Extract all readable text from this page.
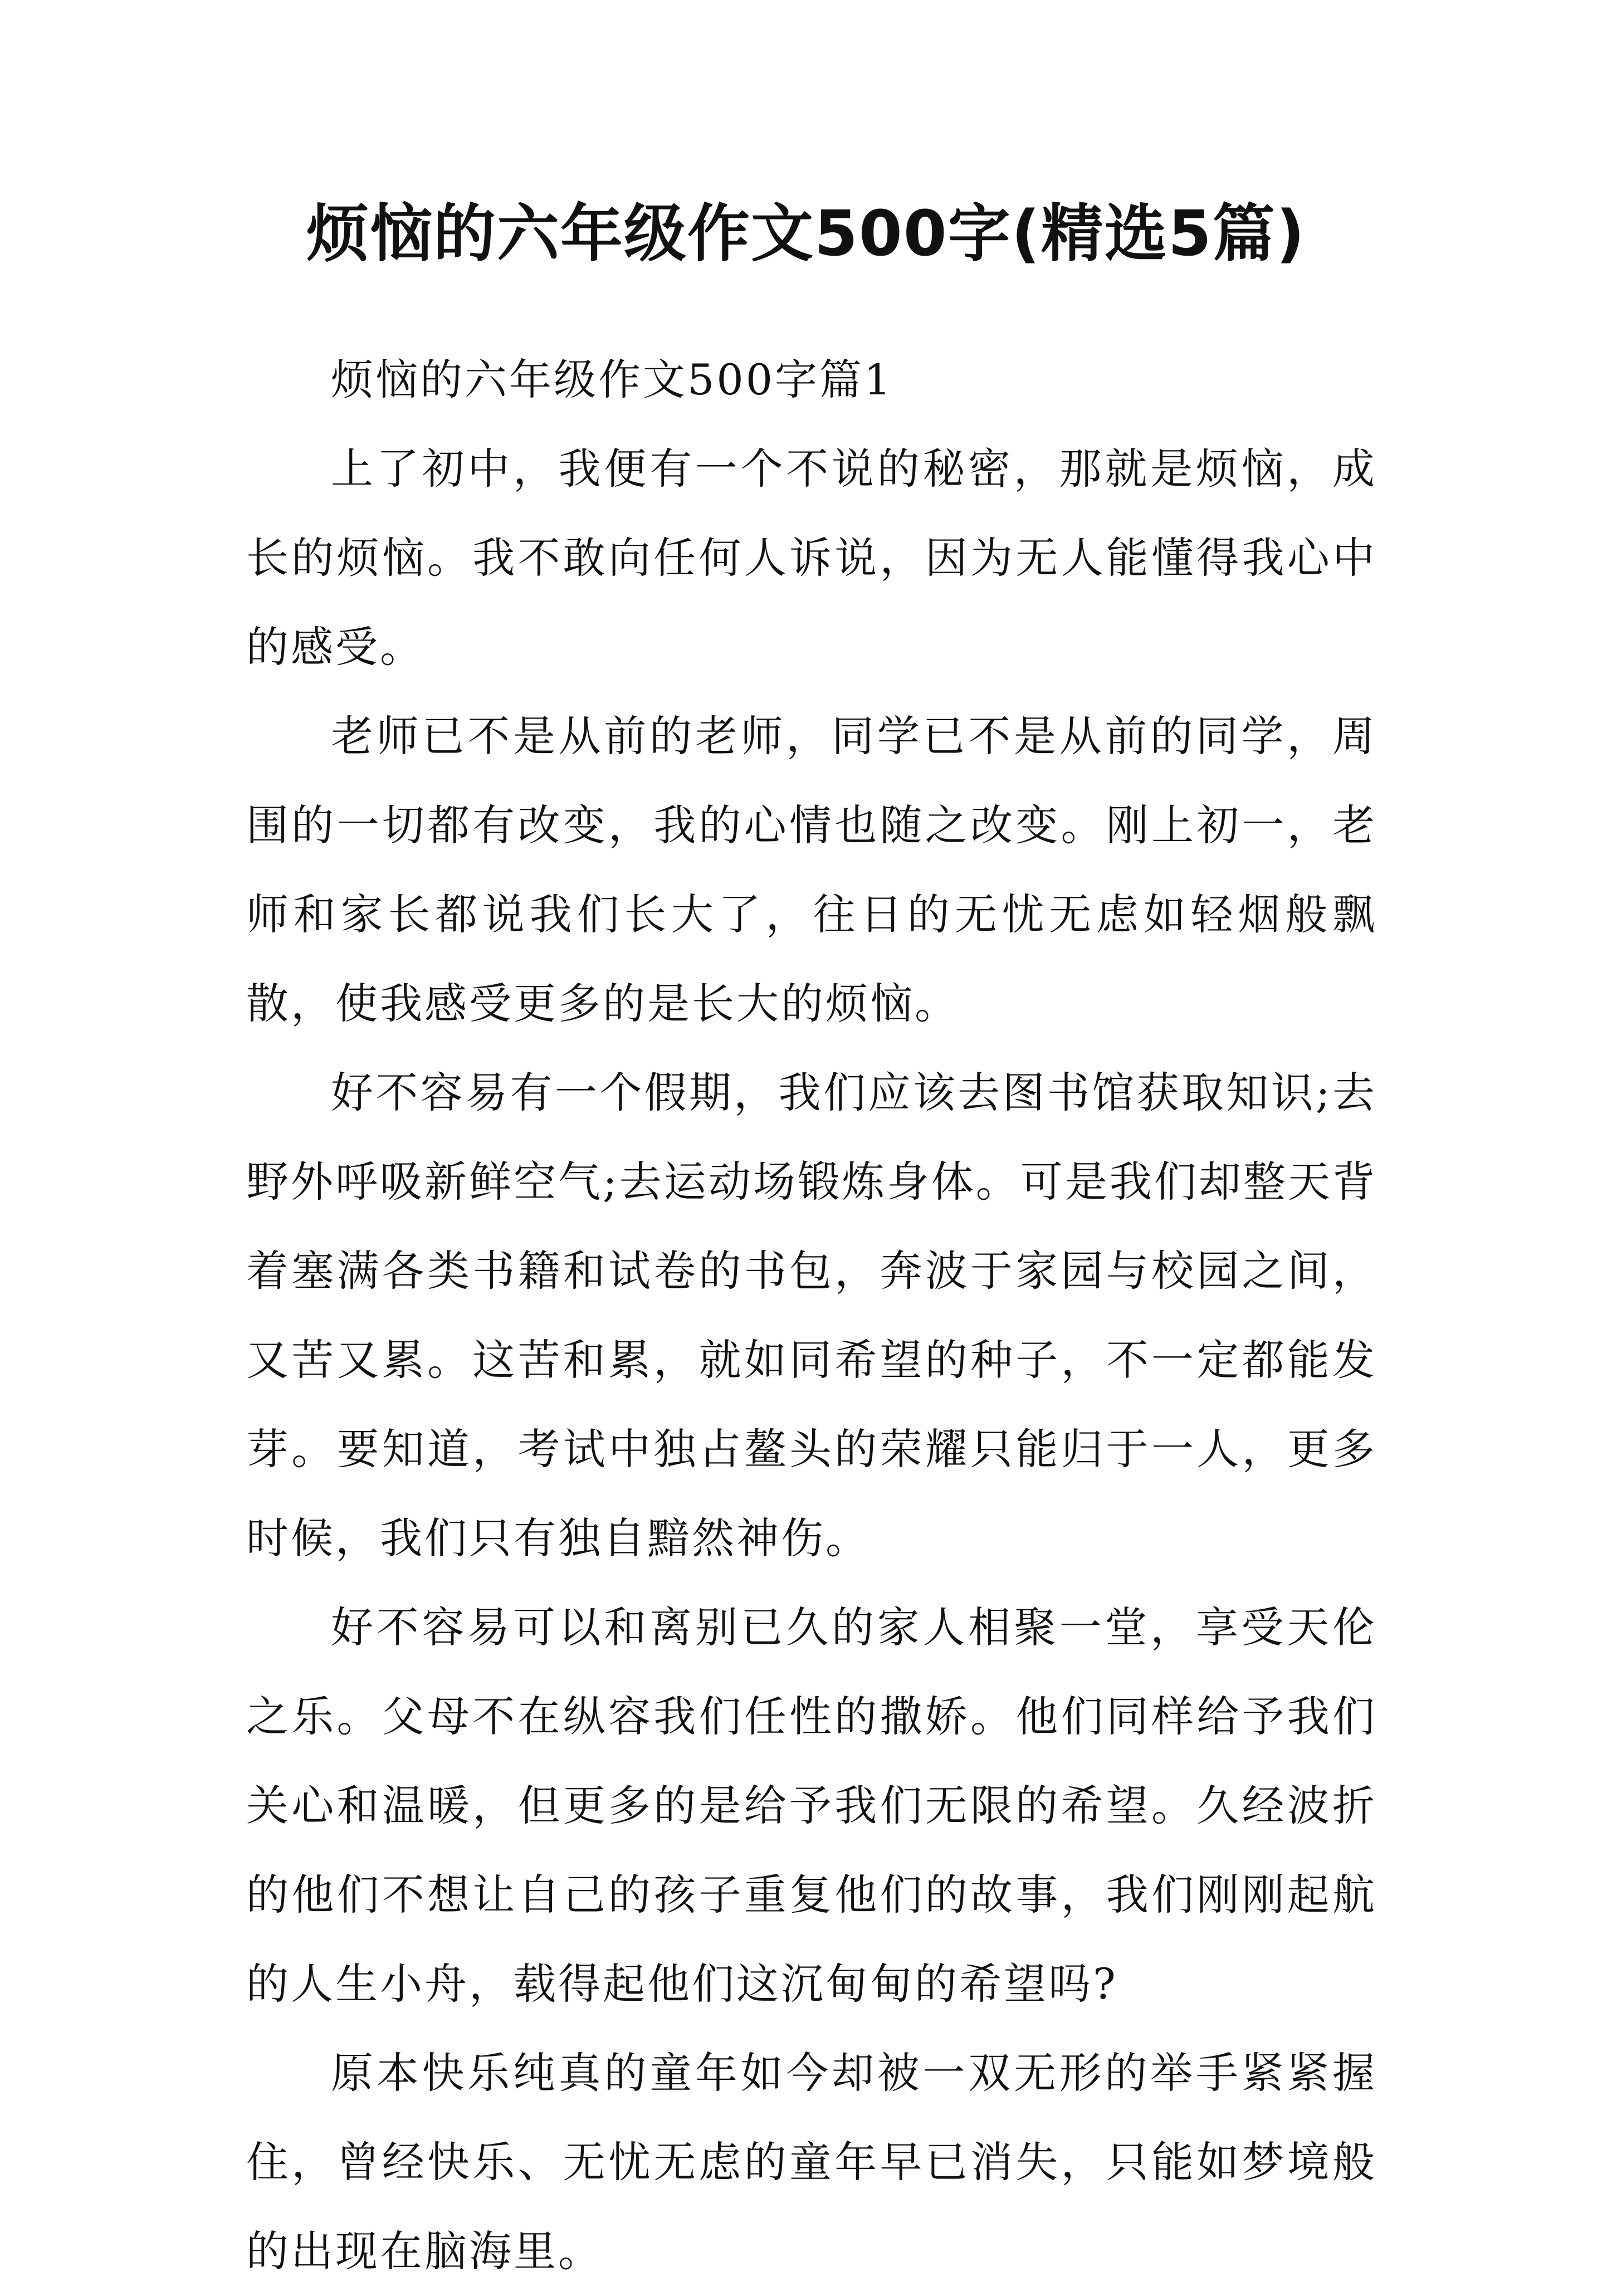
烦恼的六年级作文500字(精选5篇)

烦恼的六年级作文500字篇1

上了初中，我便有一个不说的秘密，那就是烦恼，成长的烦恼。我不敢向任何人诉说，因为无人能懂得我心中的感受。

老师已不是从前的老师，同学已不是从前的同学，周围的一切都有改变，我的心情也随之改变。刚上初一，老师和家长都说我们长大了，往日的无忧无虑如轻烟般飘散，使我感受更多的是长大的烦恼。

好不容易有一个假期，我们应该去图书馆获取知识;去野外呼吸新鲜空气;去运动场锻炼身体。可是我们却整天背着塞满各类书籍和试卷的书包，奔波于家园与校园之间，又苦又累。这苦和累，就如同希望的种子，不一定都能发芽。要知道，考试中独占鳌头的荣耀只能归于一人，更多时候，我们只有独自黯然神伤。

好不容易可以和离别已久的家人相聚一堂，享受天伦之乐。父母不在纵容我们任性的撒娇。他们同样给予我们关心和温暖，但更多的是给予我们无限的希望。久经波折的他们不想让自己的孩子重复他们的故事，我们刚刚起航的人生小舟，载得起他们这沉甸甸的希望吗?

原本快乐纯真的童年如今却被一双无形的举手紧紧握住，曾经快乐、无忧无虑的童年早已消失，只能如梦境般的出现在脑海里。
